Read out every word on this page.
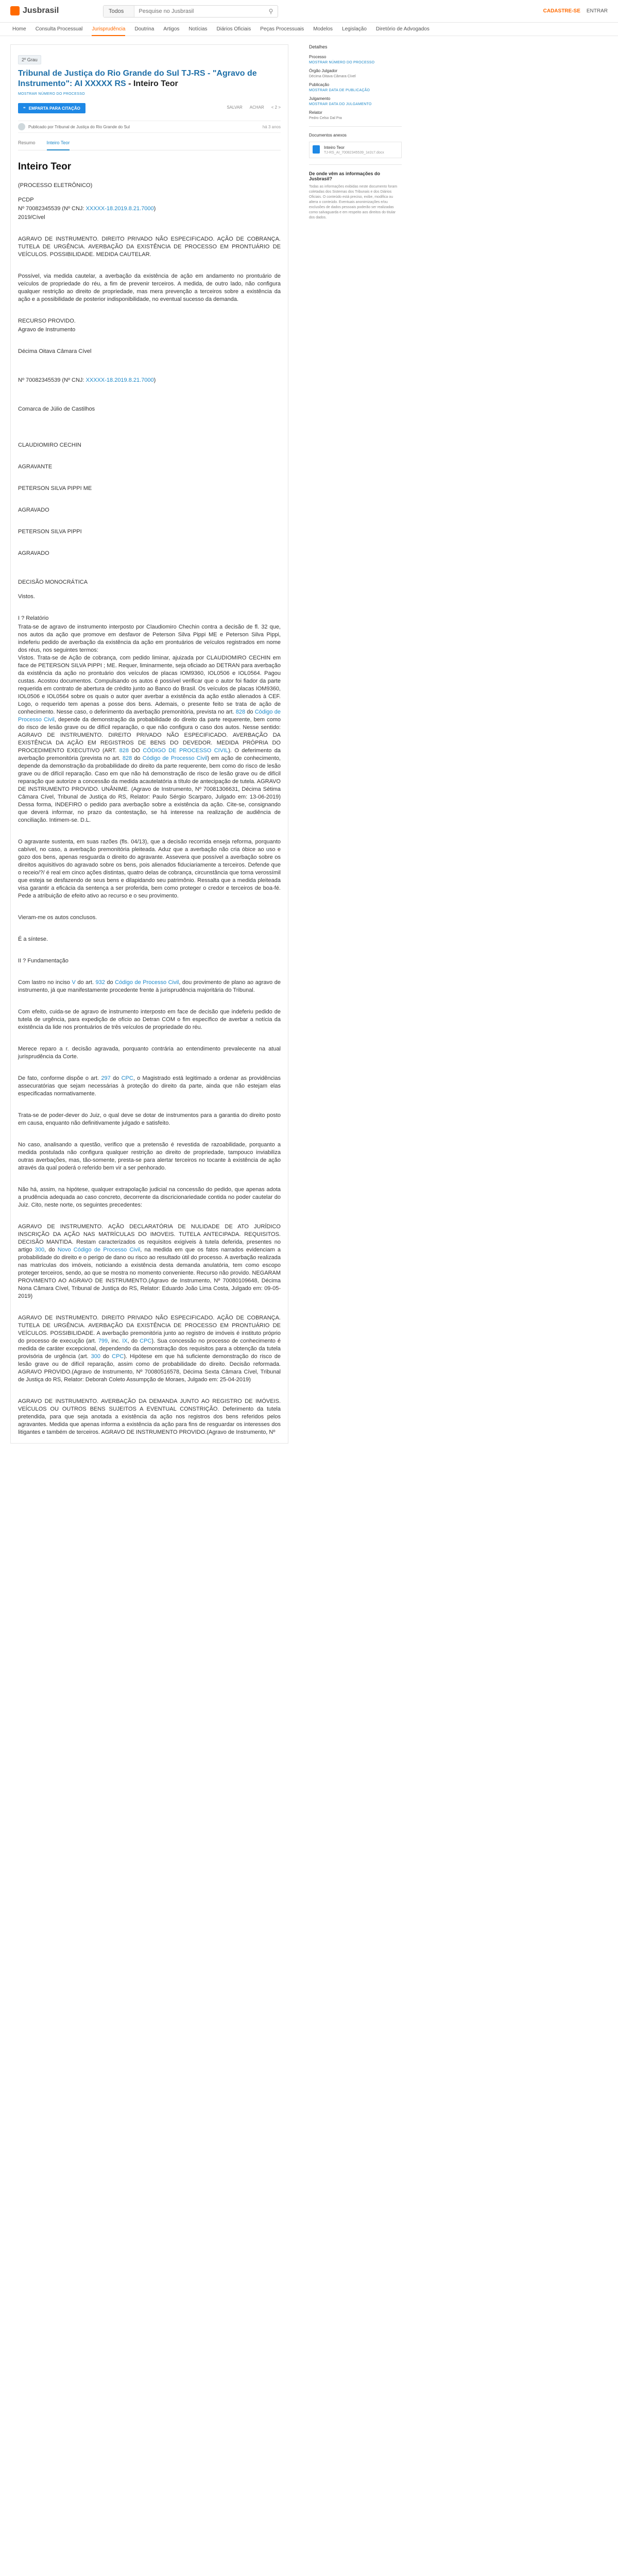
Jusbrasil	Todos
Pesquise no Jusbrasil	⚲	CADASTRE-SE ENTRAR
Home Consulta Processual Jurisprudência Doutrina Artigos Notícias Diários Oficiais Peças Processuais Modelos Legislação Diretório de Advogados
2º Grau
Tribunal de Justiça do Rio Grande do Sul TJ-RS - "Agravo de Instrumento": AI XXXXX RS - Inteiro Teor
MOSTRAR NÚMERO DO PROCESSO
❝ EMPARTA PARA CITAÇÃO	SALVAR ACHAR < 2 >
Publicado por Tribunal de Justiça do Rio Grande do Sul	há 3 anos
Resumo Inteiro Teor
Inteiro Teor

(PROCESSO ELETRÔNICO)

PCDP

Nº 70082345539 (Nº CNJ: XXXXX-18.2019.8.21.7000)

2019/Cível

AGRAVO DE INSTRUMENTO. DIREITO PRIVADO NÃO ESPECIFICADO. AÇÃO DE COBRANÇA. TUTELA DE URGÊNCIA. AVERBAÇÃO DA EXISTÊNCIA DE PROCESSO EM PRONTUÁRIO DE VEÍCULOS. POSSIBILIDADE. MEDIDA CAUTELAR.

Possível, via medida cautelar, a averbação da existência de ação em andamento no prontuário de veículos de propriedade do réu, a fim de prevenir terceiros. A medida, de outro lado, não configura qualquer restrição ao direito de propriedade, mas mera prevenção a terceiros sobre a existência da ação e a possibilidade de posterior indisponibilidade, no eventual sucesso da demanda.

RECURSO PROVIDO.

Agravo de Instrumento

Décima Oitava Câmara Cível

Nº 70082345539 (Nº CNJ: XXXXX-18.2019.8.21.7000)

Comarca de Júlio de Castilhos

CLAUDIOMIRO CECHIN

AGRAVANTE

PETERSON SILVA PIPPI ME

AGRAVADO

PETERSON SILVA PIPPI

AGRAVADO

DECISÃO MONOCRÁTICA

Vistos.

I ? Relatório

Trata-se de agravo de instrumento interposto por Claudiomiro Chechin contra a decisão de fl. 32 que, nos autos da ação que promove em desfavor de Peterson Silva Pippi ME e Peterson Silva Pippi, indeferiu pedido de averbação da existência da ação em prontuários de veículos registrados em nome dos réus, nos seguintes termos:

Vistos. Trata-se de Ação de cobrança, com pedido liminar, ajuizada por CLAUDIOMIRO CECHIN em face de PETERSON SILVA PIPPI ; ME. Requer, liminarmente, seja oficiado ao DETRAN para averbação da existência da ação no prontuário dos veículos de placas IOM9360, IOL0506 e IOL0564. Pagou custas. Acostou documentos. Compulsando os autos é possível verificar que o autor foi fiador da parte requerida em contrato de abertura de crédito junto ao Banco do Brasil. Os veículos de placas IOM9360, IOL0506 e IOL0564 sobre os quais o autor quer averbar a existência da ação estão alienados à CEF. Logo, o requerido tem apenas a posse dos bens. Ademais, o presente feito se trata de ação de conhecimento. Nesse caso, o deferimento da averbação premonitória, prevista no art. 828 do Código de Processo Civil, depende da demonstração da probabilidade do direito da parte requerente, bem como do risco de lesão grave ou de difícil reparação, o que não configura o caso dos autos. Nesse sentido: AGRAVO DE INSTRUMENTO. DIREITO PRIVADO NÃO ESPECIFICADO. AVERBAÇÃO DA EXISTÊNCIA DA AÇÃO EM REGISTROS DE BENS DO DEVEDOR. MEDIDA PRÓPRIA DO PROCEDIMENTO EXECUTIVO (ART. 828 DO CÓDIGO DE PROCESSO CIVIL). O deferimento da averbação premonitória (prevista no art. 828 do Código de Processo Civil) em ação de conhecimento, depende da demonstração da probabilidade do direito da parte requerente, bem como do risco de lesão grave ou de difícil reparação. Caso em que não há demonstração de risco de lesão grave ou de difícil reparação que autorize a concessão da medida acautelatória a título de antecipação de tutela. AGRAVO DE INSTRUMENTO PROVIDO. UNÂNIME. (Agravo de Instrumento, Nº 70081306631, Décima Sétima Câmara Cível, Tribunal de Justiça do RS, Relator: Paulo Sérgio Scarparo, Julgado em: 13-06-2019) Dessa forma, INDEFIRO o pedido para averbação sobre a existência da ação. Cite-se, consignando que deverá informar, no prazo da contestação, se há interesse na realização de audiência de conciliação. Intimem-se. D.L.

O agravante sustenta, em suas razões (fls. 04/13), que a decisão recorrida enseja reforma, porquanto cabível, no caso, a averbação premonitória pleiteada. Aduz que a averbação não cria óbice ao uso e gozo dos bens, apenas resguarda o direito do agravante. Assevera que possível a averbação sobre os direitos aquisitivos do agravado sobre os bens, pois alienados fiduciariamente a terceiros. Defende que o receio/?/ é real em cinco ações distintas, quatro delas de cobrança, circunstância que torna verossímil que esteja se desfazendo de seus bens e dilapidando seu patrimônio. Ressalta que a medida pleiteada visa garantir a eficácia da sentença a ser proferida, bem como proteger o credor e terceiros de boa-fé. Pede a atribuição de efeito ativo ao recurso e o seu provimento.

Vieram-me os autos conclusos.

É a síntese.

II ? Fundamentação

Com lastro no inciso V do art. 932 do Código de Processo Civil, dou provimento de plano ao agravo de instrumento, já que manifestamente procedente frente à jurisprudência majoritária do Tribunal.

Com efeito, cuida-se de agravo de instrumento interposto em face de decisão que indeferiu pedido de tutela de urgência, para expedição de ofício ao Detran COM o fim específico de averbar a notícia da existência da lide nos prontuários de três veículos de propriedade do réu.

Merece reparo a r. decisão agravada, porquanto contrária ao entendimento prevalecente na atual jurisprudência da Corte.

De fato, conforme dispõe o art. 297 do CPC, o Magistrado está legitimado a ordenar as providências assecuratórias que sejam necessárias à proteção do direito da parte, ainda que não estejam elas especificadas normativamente.

Trata-se de poder-dever do Juiz, o qual deve se dotar de instrumentos para a garantia do direito posto em causa, enquanto não definitivamente julgado e satisfeito.

No caso, analisando a questão, verifico que a pretensão é revestida de razoabilidade, porquanto a medida postulada não configura qualquer restrição ao direito de propriedade, tampouco inviabiliza outras averbações, mas, tão-somente, presta-se para alertar terceiros no tocante à existência de ação através da qual poderá o referido bem vir a ser penhorado.

Não há, assim, na hipótese, qualquer extrapolação judicial na concessão do pedido, que apenas adota a prudência adequada ao caso concreto, decorrente da discricionariedade contida no poder cautelar do Juiz. Cito, neste norte, os seguintes precedentes:

AGRAVO DE INSTRUMENTO. AÇÃO DECLARATÓRIA DE NULIDADE DE ATO JURÍDICO INSCRIÇÃO DA AÇÃO NAS MATRÍCULAS DO IMOVEIS. TUTELA ANTECIPADA. REQUISITOS. DECISÃO MANTIDA. Restam caracterizados os requisitos exigíveis à tutela deferida, presentes no artigo 300, do Novo Código de Processo Civil, na medida em que os fatos narrados evidenciam a probabilidade do direito e o perigo de dano ou risco ao resultado útil do processo. A averbação realizada nas matrículas dos imóveis, noticiando a existência desta demanda anulatória, tem como escopo proteger terceiros, sendo, ao que se mostra no momento conveniente. Recurso não provido. NEGARAM PROVIMENTO AO AGRAVO DE INSTRUMENTO.(Agravo de Instrumento, Nº 70080109648, Décima Nona Câmara Cível, Tribunal de Justiça do RS, Relator: Eduardo João Lima Costa, Julgado em: 09-05-2019)

AGRAVO DE INSTRUMENTO. DIREITO PRIVADO NÃO ESPECIFICADO. AÇÃO DE COBRANÇA. TUTELA DE URGÊNCIA. AVERBAÇÃO DA EXISTÊNCIA DE PROCESSO EM PRONTUÁRIO DE VEÍCULOS. POSSIBILIDADE. A averbação premonitória junto ao registro de imóveis é instituto próprio do processo de execução (art. 799, inc. IX, do CPC). Sua concessão no processo de conhecimento é medida de caráter excepcional, dependendo da demonstração dos requisitos para a obtenção da tutela provisória de urgência (art. 300 do CPC). Hipótese em que há suficiente demonstração do risco de lesão grave ou de difícil reparação, assim como de probabilidade do direito. Decisão reformada. AGRAVO PROVIDO.(Agravo de Instrumento, Nº 70080516578, Décima Sexta Câmara Cível, Tribunal de Justiça do RS, Relator: Deborah Coleto Assumpção de Moraes, Julgado em: 25-04-2019)

AGRAVO DE INSTRUMENTO. AVERBAÇÃO DA DEMANDA JUNTO AO REGISTRO DE IMÓVEIS. VEÍCULOS OU OUTROS BENS SUJEITOS A EVENTUAL CONSTRIÇÃO. Deferimento da tutela pretendida, para que seja anotada a existência da ação nos registros dos bens referidos pelos agravantes. Medida que apenas informa a existência da ação para fins de resguardar os interesses dos litigantes e também de terceiros. AGRAVO DE INSTRUMENTO PROVIDO.(Agravo de Instrumento, Nº

Detalhes
Processo
MOSTRAR NÚMERO DO PROCESSO
Órgão Julgador
Décima Oitava Câmara Cível
Publicação
MOSTRAR DATA DE PUBLICAÇÃO
Julgamento
MOSTRAR DATA DO JULGAMENTO
Relator
Pedro Celso Dal Pra
Documentos anexos
Inteiro Teor
TJ-RS_AI_70082345539_1e2c7.docx
De onde vêm as informações do Jusbrasil?
Todas as informações exibidas neste documento foram coletadas dos Sistemas dos Tribunais e dos Diários Oficiais. O conteúdo está preciso, exibe, modifica ou altera o conteúdo. Eventuais anonimizações e/ou exclusões de dados pessoais poderão ser realizadas como salvaguarda e em respeito aos direitos do titular dos dados.
